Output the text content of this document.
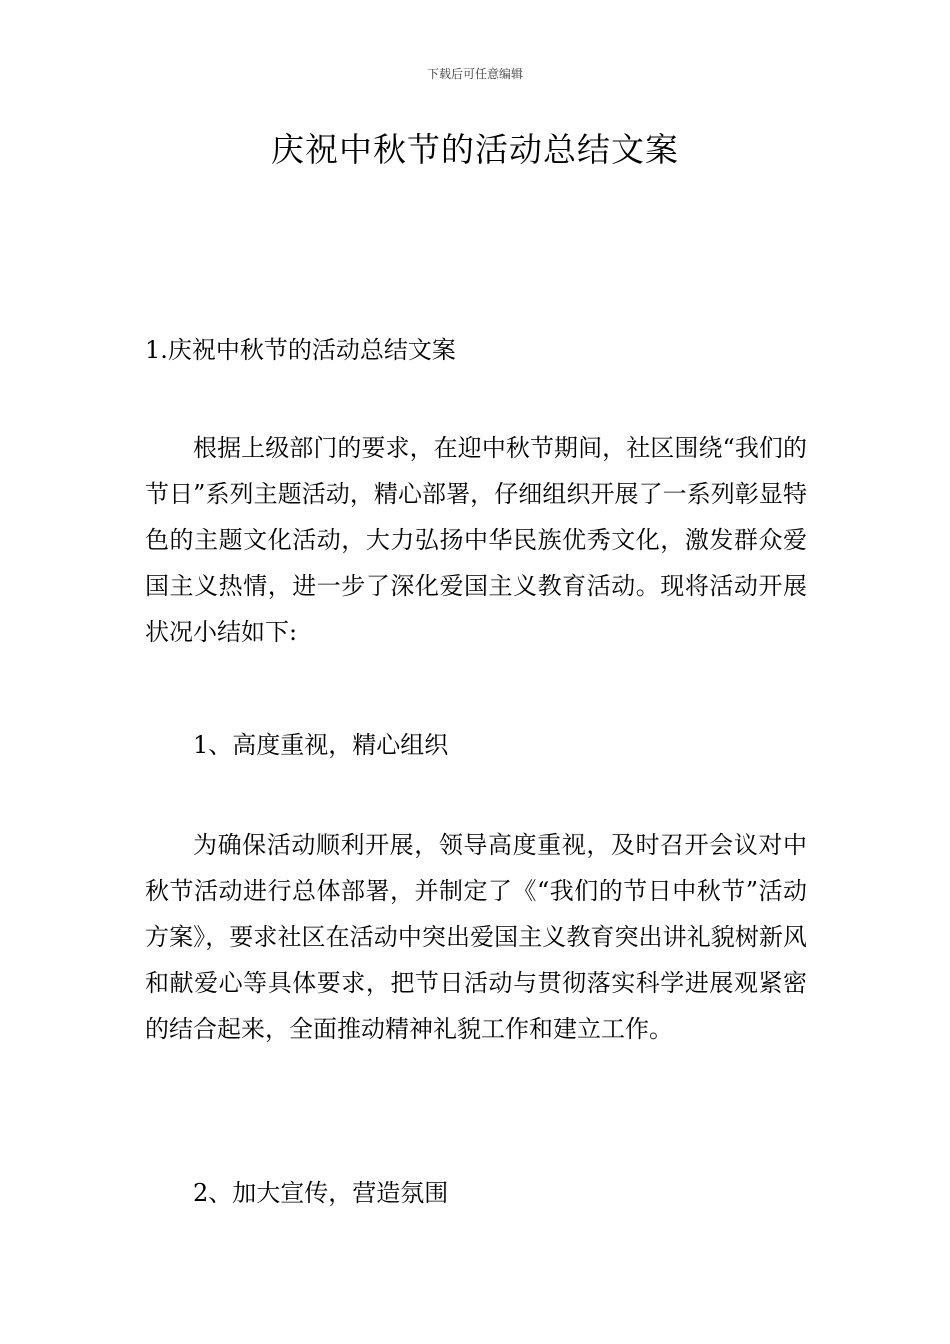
下载后可任意编辑
庆祝中秋节的活动总结文案

1.庆祝中秋节的活动总结文案

根据上级部门的要求，在迎中秋节期间，社区围绕“我们的节日”系列主题活动，精心部署，仔细组织开展了一系列彰显特色的主题文化活动，大力弘扬中华民族优秀文化，激发群众爱国主义热情，进一步了深化爱国主义教育活动。现将活动开展状况小结如下:

1、高度重视，精心组织

为确保活动顺利开展，领导高度重视，及时召开会议对中秋节活动进行总体部署，并制定了《“我们的节日中秋节”活动方案》，要求社区在活动中突出爱国主义教育突出讲礼貌树新风和献爱心等具体要求，把节日活动与贯彻落实科学进展观紧密的结合起来，全面推动精神礼貌工作和建立工作。

2、加大宣传，营造氛围
